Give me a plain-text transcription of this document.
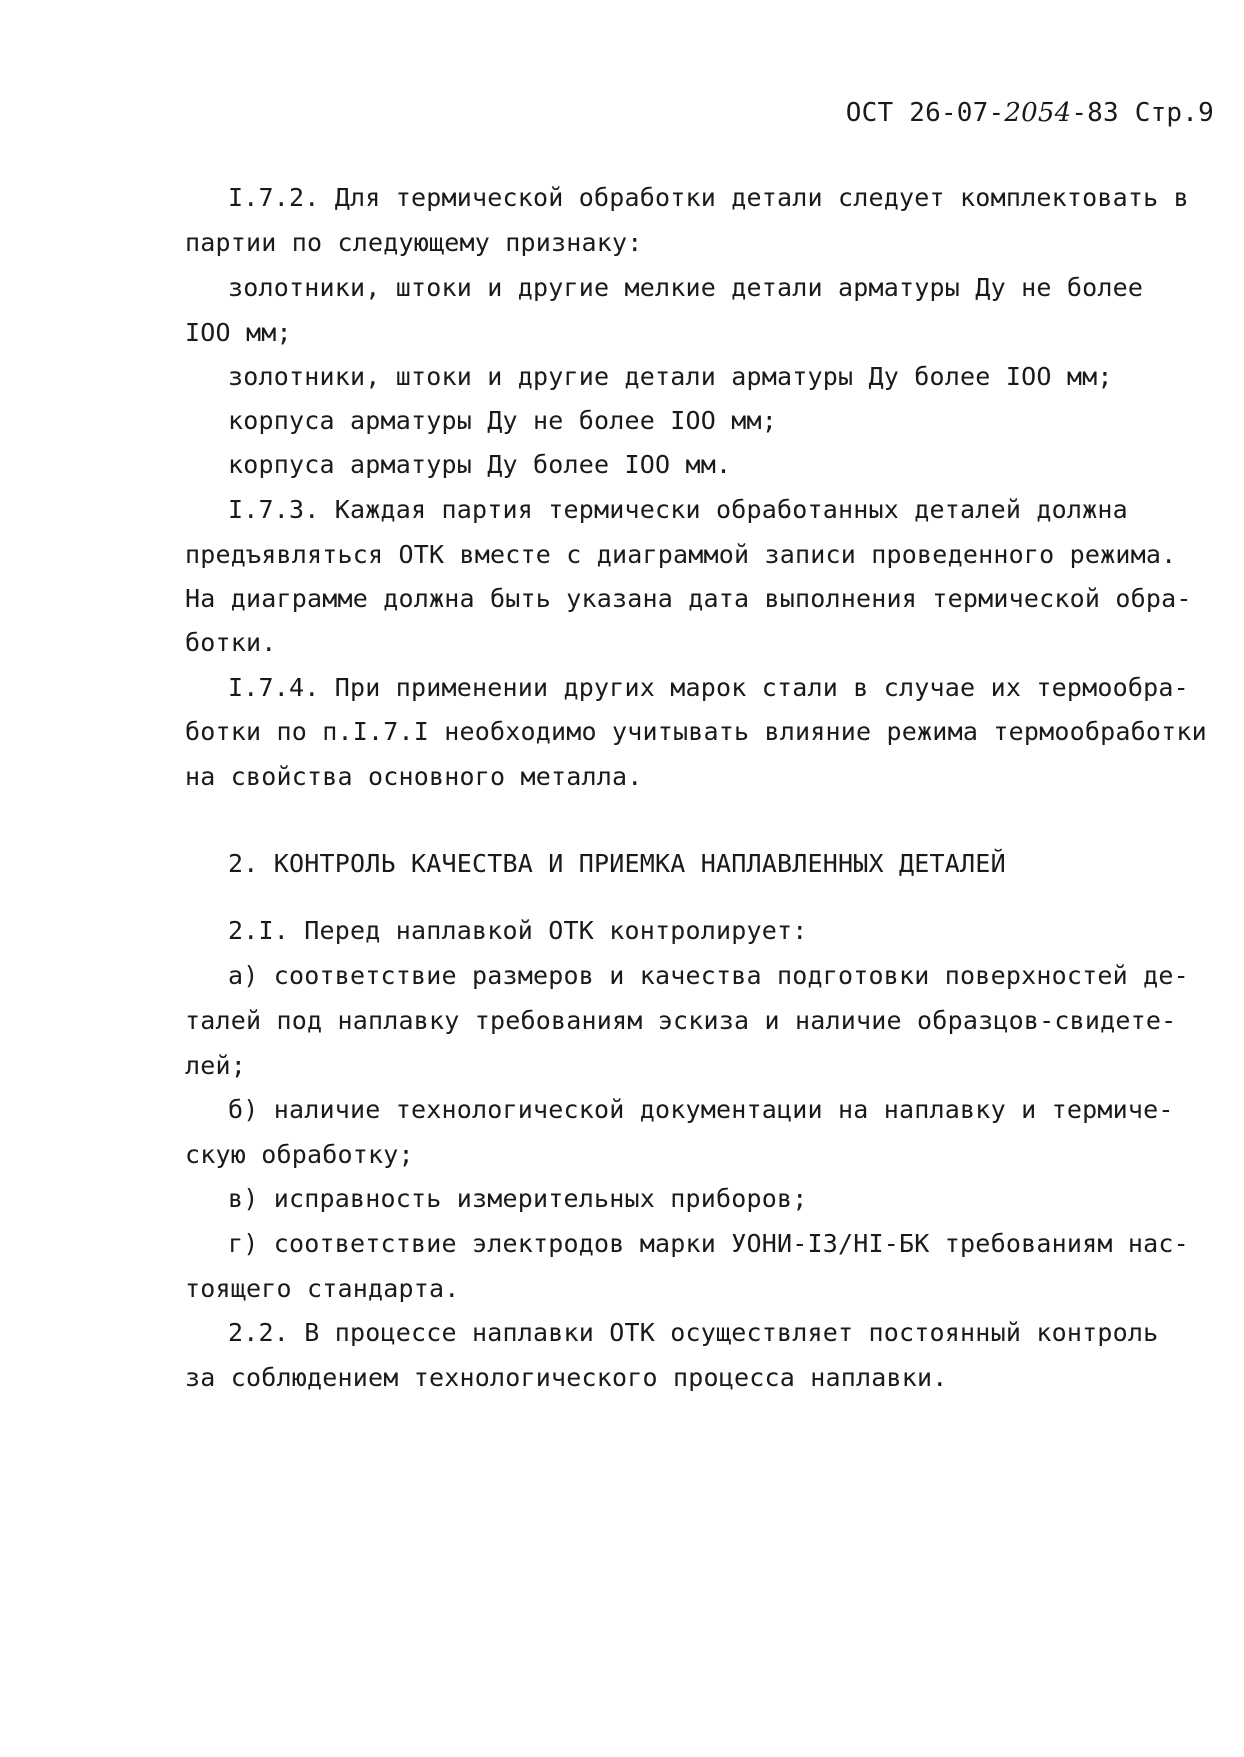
ОСТ 26-07-2054-83 Стр.9
I.7.2. Для термической обработки детали следует комплектовать в
партии по следующему признаку:
золотники, штоки и другие мелкие детали арматуры Ду не более
IOO мм;
золотники, штоки и другие детали арматуры Ду более IOO мм;
корпуса арматуры Ду не более IOO мм;
корпуса арматуры Ду более IOO мм.
I.7.3. Каждая партия термически обработанных деталей должна
предъявляться ОТК вместе с диаграммой записи проведенного режима.
На диаграмме должна быть указана дата выполнения термической обра-
ботки.
I.7.4. При применении других марок стали в случае их термообра-
ботки по п.I.7.I необходимо учитывать влияние режима термообработки
на свойства основного металла.
2. КОНТРОЛЬ КАЧЕСТВА И ПРИЕМКА НАПЛАВЛЕННЫХ ДЕТАЛЕЙ
2.I. Перед наплавкой ОТК контролирует:
а) соответствие размеров и качества подготовки поверхностей де-
талей под наплавку требованиям эскиза и наличие образцов-свидете-
лей;
б) наличие технологической документации на наплавку и термиче-
скую обработку;
в) исправность измерительных приборов;
г) соответствие электродов марки УОНИ-I3/HI-БК требованиям нас-
тоящего стандарта.
2.2. В процессе наплавки ОТК осуществляет постоянный контроль
за соблюдением технологического процесса наплавки.
